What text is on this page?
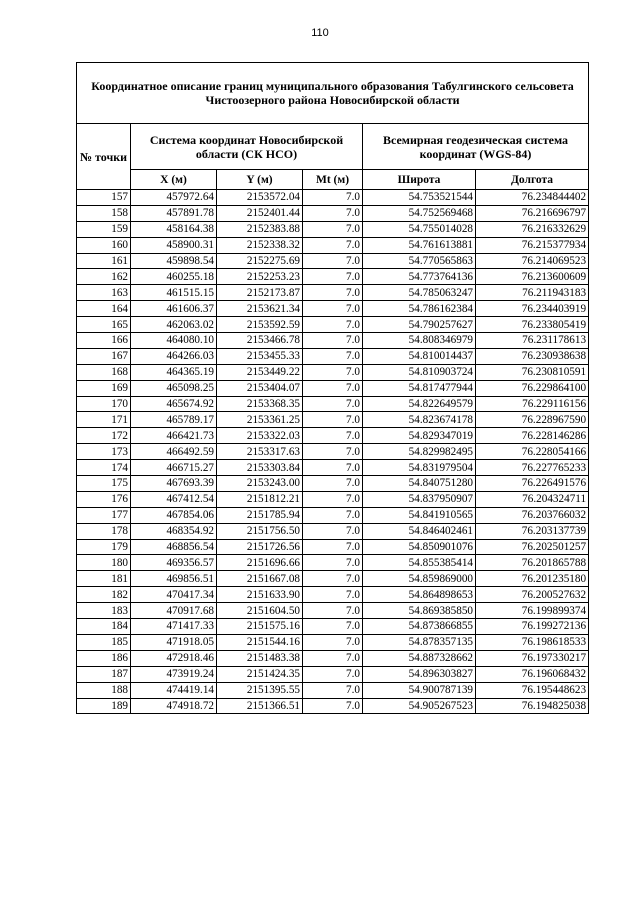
110
Координатное описание границ муниципального образования Табулгинского сельсовета Чистоозерного района Новосибирской области					
№ точки	Система координат Новосибирской области (СК НСО)			Всемирная геодезическая система координат (WGS-84)	
	X (м)	Y (м)	Mt (м)	Широта	Долгота
157	457972.64	2153572.04	7.0	54.753521544	76.234844402
158	457891.78	2152401.44	7.0	54.752569468	76.216696797
159	458164.38	2152383.88	7.0	54.755014028	76.216332629
160	458900.31	2152338.32	7.0	54.761613881	76.215377934
161	459898.54	2152275.69	7.0	54.770565863	76.214069523
162	460255.18	2152253.23	7.0	54.773764136	76.213600609
163	461515.15	2152173.87	7.0	54.785063247	76.211943183
164	461606.37	2153621.34	7.0	54.786162384	76.234403919
165	462063.02	2153592.59	7.0	54.790257627	76.233805419
166	464080.10	2153466.78	7.0	54.808346979	76.231178613
167	464266.03	2153455.33	7.0	54.810014437	76.230938638
168	464365.19	2153449.22	7.0	54.810903724	76.230810591
169	465098.25	2153404.07	7.0	54.817477944	76.229864100
170	465674.92	2153368.35	7.0	54.822649579	76.229116156
171	465789.17	2153361.25	7.0	54.823674178	76.228967590
172	466421.73	2153322.03	7.0	54.829347019	76.228146286
173	466492.59	2153317.63	7.0	54.829982495	76.228054166
174	466715.27	2153303.84	7.0	54.831979504	76.227765233
175	467693.39	2153243.00	7.0	54.840751280	76.226491576
176	467412.54	2151812.21	7.0	54.837950907	76.204324711
177	467854.06	2151785.94	7.0	54.841910565	76.203766032
178	468354.92	2151756.50	7.0	54.846402461	76.203137739
179	468856.54	2151726.56	7.0	54.850901076	76.202501257
180	469356.57	2151696.66	7.0	54.855385414	76.201865788
181	469856.51	2151667.08	7.0	54.859869000	76.201235180
182	470417.34	2151633.90	7.0	54.864898653	76.200527632
183	470917.68	2151604.50	7.0	54.869385850	76.199899374
184	471417.33	2151575.16	7.0	54.873866855	76.199272136
185	471918.05	2151544.16	7.0	54.878357135	76.198618533
186	472918.46	2151483.38	7.0	54.887328662	76.197330217
187	473919.24	2151424.35	7.0	54.896303827	76.196068432
188	474419.14	2151395.55	7.0	54.900787139	76.195448623
189	474918.72	2151366.51	7.0	54.905267523	76.194825038
